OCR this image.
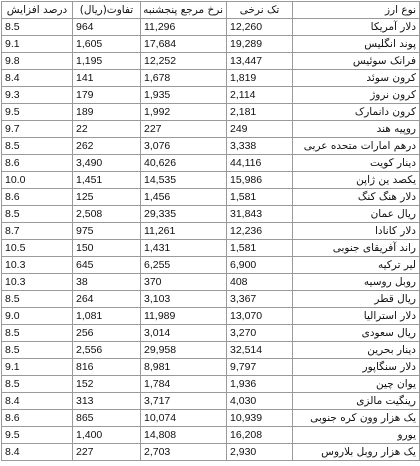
نوع ارز	تک نرخی	نرخ مرجع پنجشنبه	تفاوت(ریال)	درصد افزایش
دلار آمریکا	12,260	11,296	964	8.5
پوند انگلیس	19,289	17,684	1,605	9.1
فرانک سوئیس	13,447	12,252	1,195	9.8
کرون سوئد	1,819	1,678	141	8.4
کرون نروژ	2,114	1,935	179	9.3
کرون دانمارک	2,181	1,992	189	9.5
روپیه هند	249	227	22	9.7
درهم امارات متحده عربی	3,338	3,076	262	8.5
دینار کویت	44,116	40,626	3,490	8.6
یکصد ین ژاپن	15,986	14,535	1,451	10.0
دلار هنگ کنگ	1,581	1,456	125	8.6
ریال عمان	31,843	29,335	2,508	8.5
دلار کانادا	12,236	11,261	975	8.7
راند آفریقای جنوبی	1,581	1,431	150	10.5
لیر ترکیه	6,900	6,255	645	10.3
روبل روسیه	408	370	38	10.3
ریال قطر	3,367	3,103	264	8.5
دلار استرالیا	13,070	11,989	1,081	9.0
ریال سعودی	3,270	3,014	256	8.5
دینار بحرین	32,514	29,958	2,556	8.5
دلار سنگاپور	9,797	8,981	816	9.1
یوان چین	1,936	1,784	152	8.5
رینگیت مالزی	4,030	3,717	313	8.4
یک هزار وون کره جنوبی	10,939	10,074	865	8.6
یورو	16,208	14,808	1,400	9.5
یک هزار روبل بلاروس	2,930	2,703	227	8.4
